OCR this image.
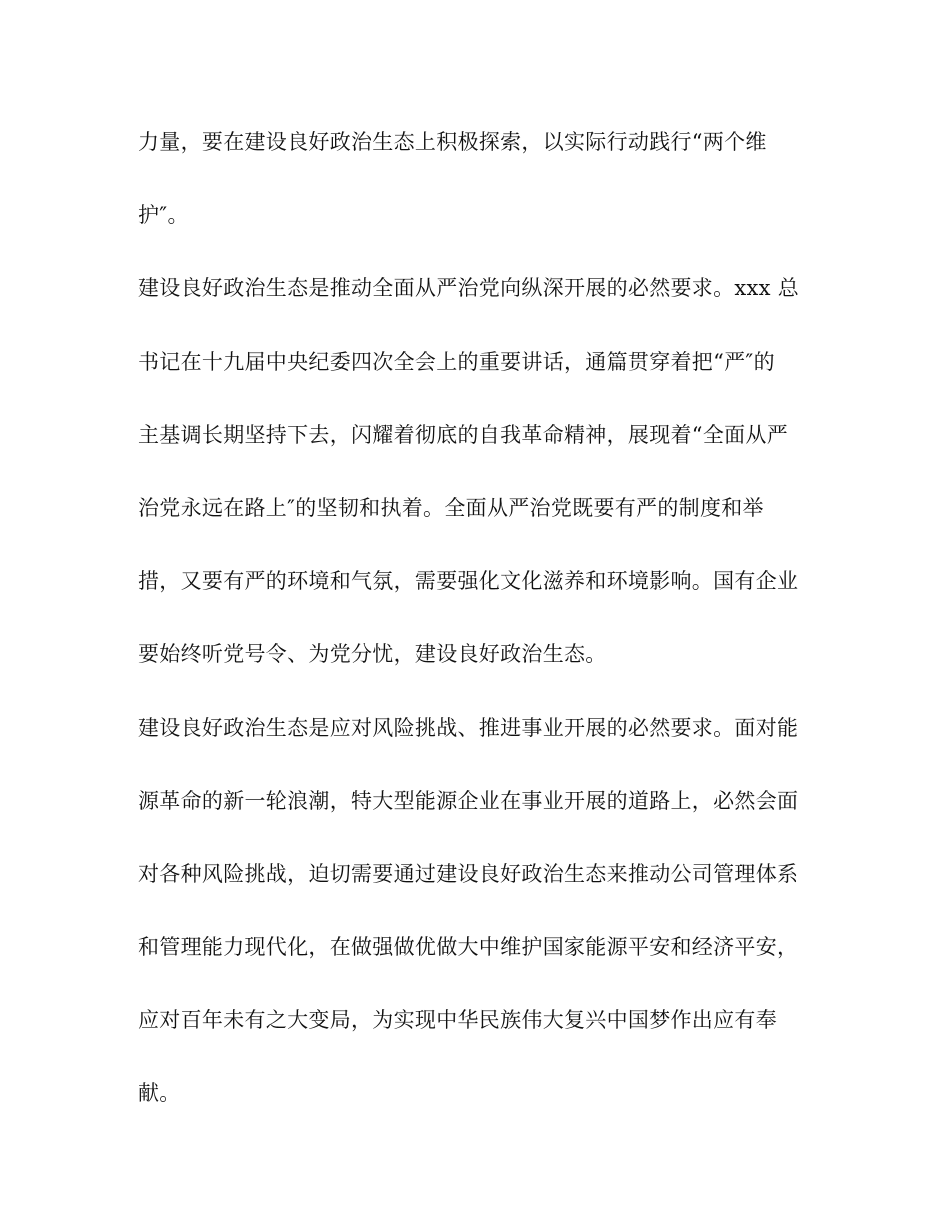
力量，要在建设良好政治生态上积极探索，以实际行动践行“两个维
护″。
建设良好政治生态是推动全面从严治党向纵深开展的必然要求。xxx 总
书记在十九届中央纪委四次全会上的重要讲话，通篇贯穿着把“严″的
主基调长期坚持下去，闪耀着彻底的自我革命精神，展现着“全面从严
治党永远在路上″的坚韧和执着。全面从严治党既要有严的制度和举
措，又要有严的环境和气氛，需要强化文化滋养和环境影响。国有企业
要始终听党号令、为党分忧，建设良好政治生态。
建设良好政治生态是应对风险挑战、推进事业开展的必然要求。面对能
源革命的新一轮浪潮，特大型能源企业在事业开展的道路上，必然会面
对各种风险挑战，迫切需要通过建设良好政治生态来推动公司管理体系
和管理能力现代化，在做强做优做大中维护国家能源平安和经济平安，
应对百年未有之大变局，为实现中华民族伟大复兴中国梦作出应有奉
献。
